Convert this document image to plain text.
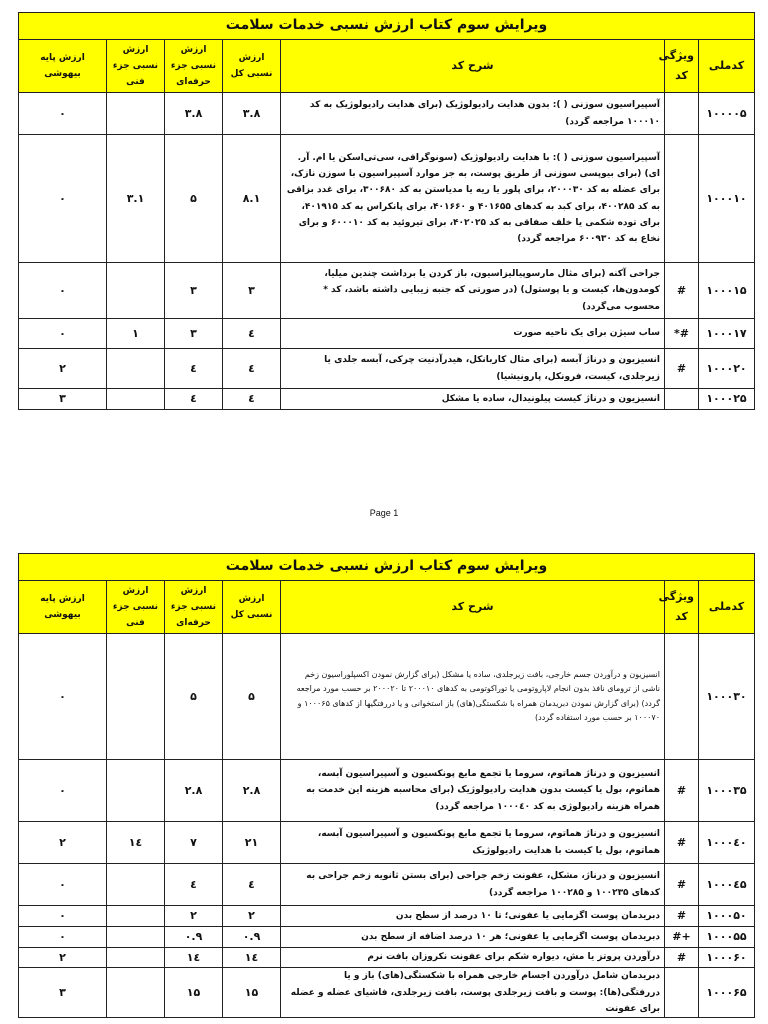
ویرایش سوم کتاب ارزش نسبی خدمات سلامت						
کدملی	ویژگی کد	شرح کد	ارزش نسبی کل	ارزش نسبی جزء حرفه‌ای	ارزش نسبی جزء فنی	ارزش پایه بیهوشی
۱۰۰۰۰۵		آسپیراسیون سوزنی ( ): بدون هدایت رادیولوژیک (برای هدایت رادیولوژیک به کد ۱۰۰۰۱۰ مراجعه گردد)	۳.۸	۳.۸		۰
۱۰۰۰۱۰		آسپیراسیون سوزنی ( ): با هدایت رادیولوژیک (سونوگرافی، سی‌تی‌اسکن یا ام. آر. ای) (برای بیوپسی سوزنی از طریق پوست، به جز موارد آسپیراسیون با سوزن نازک، برای عضله به کد ۲۰۰۰۳۰، برای پلور یا ریه یا مدیاستن به کد ۳۰۰۶۸۰، برای غدد بزاقی به کد ۴۰۰۲۸۵، برای کبد به کدهای ۴۰۱۶۵۵ و ۴۰۱۶۶۰، برای پانکراس به کد ۴۰۱۹۱۵، برای توده شکمی یا خلف صفاقی به کد ۴۰۲۰۲۵، برای تیروئید به کد ۶۰۰۰۱۰ و برای نخاع به کد ۶۰۰۹۳۰ مراجعه گردد)	۸.۱	۵	۳.۱	۰
۱۰۰۰۱۵	#	جراحی آکنه (برای مثال مارسوپیالیزاسیون، باز کردن یا برداشت چندین میلیا، کومدون‌ها، کیست و یا پوستول) (در صورتی که جنبه زیبایی داشته باشد، کد * محسوب می‌گردد)	۳	۳		۰
۱۰۰۰۱۷	#*	ساب سیژن برای یک ناحیه صورت	٤	۳	۱	۰
۱۰۰۰۲۰	#	انسیزیون و درناژ آبسه (برای مثال کاربانکل، هیدرآدنیت چرکی، آبسه جلدی یا زیرجلدی، کیست، فرونکل، پارونیشیا)	٤	٤		۲
۱۰۰۰۲۵		انسیزیون و درناژ کیست پیلونیدال، ساده یا مشکل	٤	٤		۳
Page 1
ویرایش سوم کتاب ارزش نسبی خدمات سلامت						
کدملی	ویژگی کد	شرح کد	ارزش نسبی کل	ارزش نسبی جزء حرفه‌ای	ارزش نسبی جزء فنی	ارزش پایه بیهوشی
۱۰۰۰۳۰		انسیزیون و درآوردن جسم خارجی، بافت زیرجلدی، ساده یا مشکل (برای گزارش نمودن اکسپلوراسیون زخم ناشی از ترومای نافذ بدون انجام لاپاروتومی یا توراکوتومی به کدهای ۲۰۰۰۱۰ تا ۲۰۰۰۲۰ بر حسب مورد مراجعه گردد) (برای گزارش نمودن دبریدمان همراه با شکستگی(های) باز استخوانی و یا دررفتگیها از کدهای ۱۰۰۰۶۵ و ۱۰۰۰۷۰ بر حسب مورد استفاده گردد)	۵	۵		۰
۱۰۰۰۳۵	#	انسیزیون و درناژ هماتوم، سروما یا تجمع مایع پونکسیون و آسپیراسیون آبسه، هماتوم، بول یا کیست بدون هدایت رادیولوژیک (برای محاسبه هزینه این خدمت به همراه هزینه رادیولوژی به کد ۱۰۰۰٤۰ مراجعه گردد)	۲.۸	۲.۸		۰
۱۰۰۰٤۰	#	انسیزیون و درناژ هماتوم، سروما یا تجمع مایع پونکسیون و آسپیراسیون آبسه، هماتوم، بول یا کیست با هدایت رادیولوژیک	۲۱	۷	۱٤	۲
۱۰۰۰٤۵	#	انسیزیون و درناژ، مشکل، عفونت زخم جراحی (برای بستن ثانویه زخم جراحی به کدهای ۱۰۰۲۳۵ و ۱۰۰۲۸۵ مراجعه گردد)	٤	٤		۰
۱۰۰۰۵۰	#	دبریدمان پوست اگزمایی یا عفونی؛ تا ۱۰ درصد از سطح بدن	۲	۲		۰
۱۰۰۰۵۵	+#	دبریدمان پوست اگزمایی یا عفونی؛ هر ۱۰ درصد اضافه از سطح بدن	۰.۹	۰.۹		۰
۱۰۰۰۶۰	#	درآوردن پروتز یا مش، دیواره شکم برای عفونت نکروزان بافت نرم	۱٤	۱٤		۲
۱۰۰۰۶۵		دبریدمان شامل درآوردن اجسام خارجی همراه با شکستگی(های) باز و یا دررفتگی(ها): پوست و بافت زیرجلدی پوست، بافت زیرجلدی، فاشیای عضله و عضله برای عفونت	۱۵	۱۵		۳
